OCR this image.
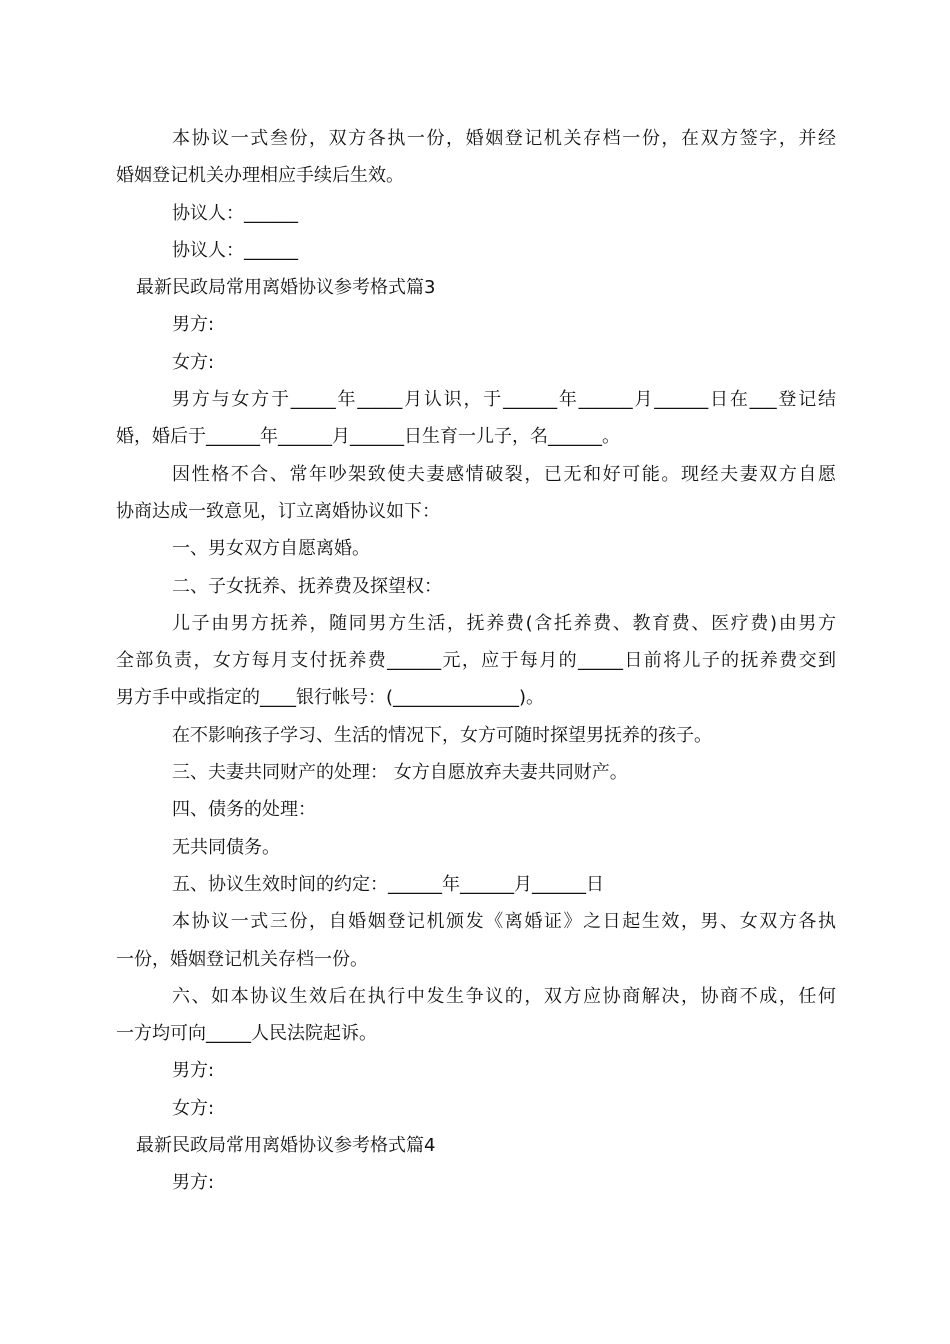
本协议一式叁份，双方各执一份，婚姻登记机关存档一份，在双方签字，并经
婚姻登记机关办理相应手续后生效。
协议人：______
协议人：______
最新民政局常用离婚协议参考格式篇3
男方:
女方:
男方与女方于_____年_____月认识，于______年______月______日在___登记结
婚，婚后于______年______月______日生育一儿子，名______。
因性格不合、常年吵架致使夫妻感情破裂，已无和好可能。现经夫妻双方自愿
协商达成一致意见，订立离婚协议如下：
一、男女双方自愿离婚。
二、子女抚养、抚养费及探望权：
儿子由男方抚养，随同男方生活，抚养费(含托养费、教育费、医疗费)由男方
全部负责，女方每月支付抚养费______元，应于每月的_____日前将儿子的抚养费交到
男方手中或指定的____银行帐号：(______________)。
在不影响孩子学习、生活的情况下，女方可随时探望男抚养的孩子。
三、夫妻共同财产的处理： 女方自愿放弃夫妻共同财产。
四、债务的处理：
无共同债务。
五、协议生效时间的约定：______年______月______日
本协议一式三份，自婚姻登记机颁发《离婚证》之日起生效，男、女双方各执
一份，婚姻登记机关存档一份。
六、如本协议生效后在执行中发生争议的，双方应协商解决，协商不成，任何
一方均可向_____人民法院起诉。
男方:
女方:
最新民政局常用离婚协议参考格式篇4
男方:
